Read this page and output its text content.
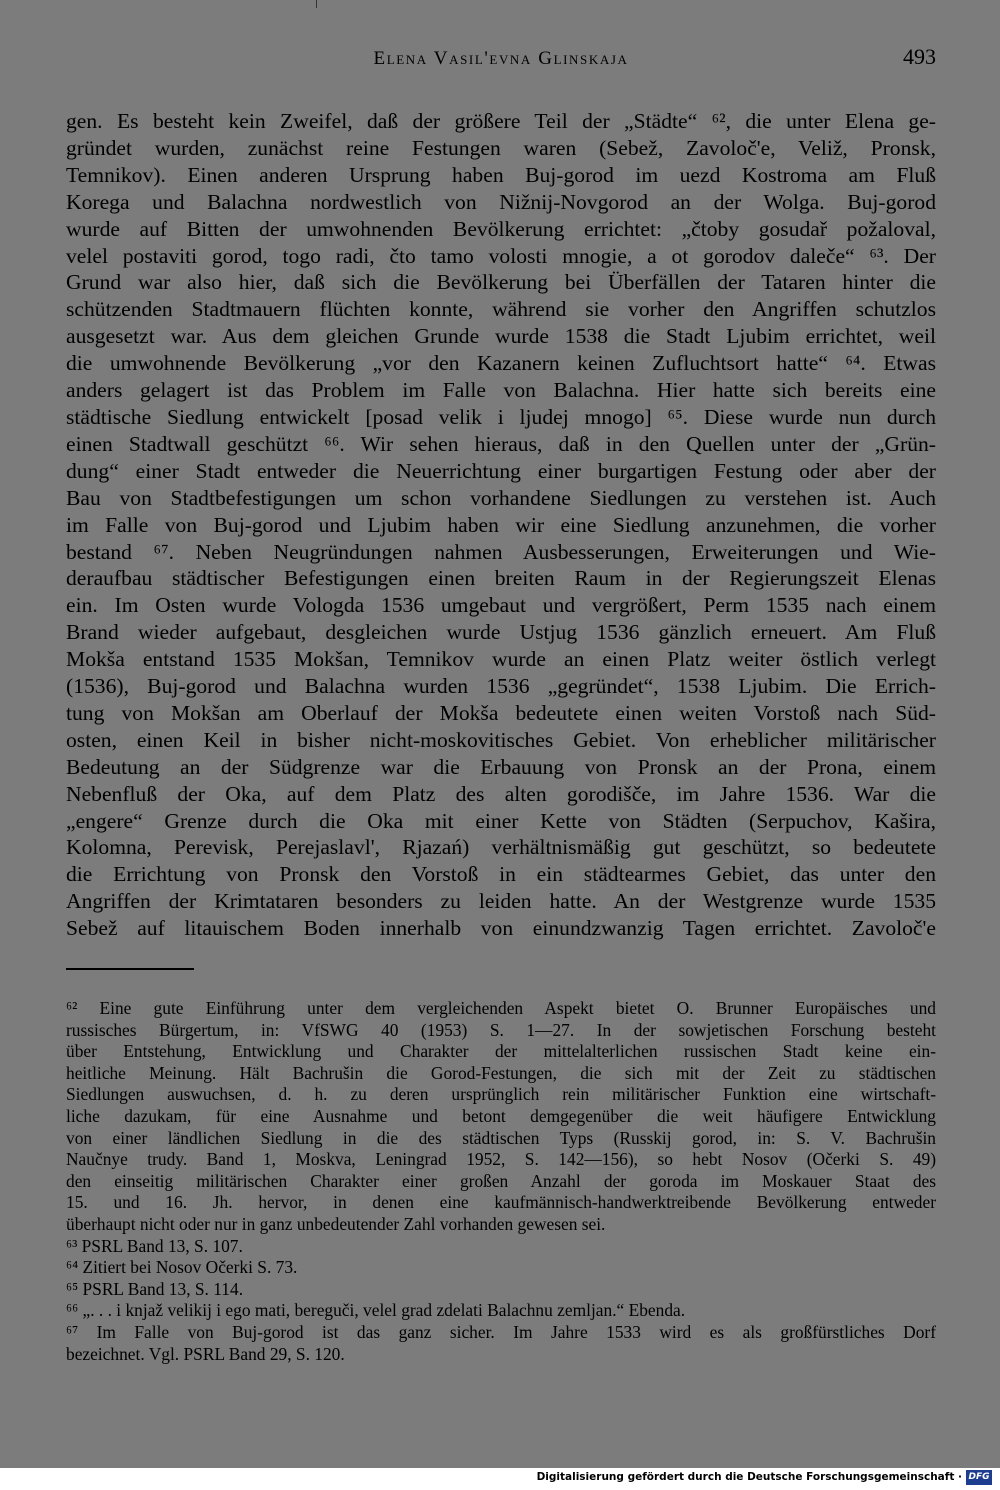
Elena Vasil'evna Glinskaja	493
gen. Es besteht kein Zweifel, daß der größere Teil der „Städte“ ⁶², die unter Elena ge-
gründet wurden, zunächst reine Festungen waren (Sebež, Zavoloč'e, Veliž, Pronsk,
Temnikov). Einen anderen Ursprung haben Buj-gorod im uezd Kostroma am Fluß
Korega und Balachna nordwestlich von Nižnij-Novgorod an der Wolga. Buj-gorod
wurde auf Bitten der umwohnenden Bevölkerung errichtet: „čtoby gosudař požaloval,
velel postaviti gorod, togo radi, čto tamo volosti mnogie, a ot gorodov daleče“ ⁶³. Der
Grund war also hier, daß sich die Bevölkerung bei Überfällen der Tataren hinter die
schützenden Stadtmauern flüchten konnte, während sie vorher den Angriffen schutzlos
ausgesetzt war. Aus dem gleichen Grunde wurde 1538 die Stadt Ljubim errichtet, weil
die umwohnende Bevölkerung „vor den Kazanern keinen Zufluchtsort hatte“ ⁶⁴. Etwas
anders gelagert ist das Problem im Falle von Balachna. Hier hatte sich bereits eine
städtische Siedlung entwickelt [posad velik i ljudej mnogo] ⁶⁵. Diese wurde nun durch
einen Stadtwall geschützt ⁶⁶. Wir sehen hieraus, daß in den Quellen unter der „Grün-
dung“ einer Stadt entweder die Neuerrichtung einer burgartigen Festung oder aber der
Bau von Stadtbefestigungen um schon vorhandene Siedlungen zu verstehen ist. Auch
im Falle von Buj-gorod und Ljubim haben wir eine Siedlung anzunehmen, die vorher
bestand ⁶⁷. Neben Neugründungen nahmen Ausbesserungen, Erweiterungen und Wie-
deraufbau städtischer Befestigungen einen breiten Raum in der Regierungszeit Elenas
ein. Im Osten wurde Vologda 1536 umgebaut und vergrößert, Perm 1535 nach einem
Brand wieder aufgebaut, desgleichen wurde Ustjug 1536 gänzlich erneuert. Am Fluß
Mokša entstand 1535 Mokšan, Temnikov wurde an einen Platz weiter östlich verlegt
(1536), Buj-gorod und Balachna wurden 1536 „gegründet“, 1538 Ljubim. Die Errich-
tung von Mokšan am Oberlauf der Mokša bedeutete einen weiten Vorstoß nach Süd-
osten, einen Keil in bisher nicht-moskovitisches Gebiet. Von erheblicher militärischer
Bedeutung an der Südgrenze war die Erbauung von Pronsk an der Prona, einem
Nebenfluß der Oka, auf dem Platz des alten gorodišče, im Jahre 1536. War die
„engere“ Grenze durch die Oka mit einer Kette von Städten (Serpuchov, Kašira,
Kolomna, Perevisk, Perejaslavl', Rjazań) verhältnismäßig gut geschützt, so bedeutete
die Errichtung von Pronsk den Vorstoß in ein städtearmes Gebiet, das unter den
Angriffen der Krimtataren besonders zu leiden hatte. An der Westgrenze wurde 1535
Sebež auf litauischem Boden innerhalb von einundzwanzig Tagen errichtet. Zavoloč'e
⁶² Eine gute Einführung unter dem vergleichenden Aspekt bietet O. Brunner Europäisches und
russisches Bürgertum, in: VfSWG 40 (1953) S. 1—27. In der sowjetischen Forschung besteht
über Entstehung, Entwicklung und Charakter der mittelalterlichen russischen Stadt keine ein-
heitliche Meinung. Hält Bachrušin die Gorod-Festungen, die sich mit der Zeit zu städtischen
Siedlungen auswuchsen, d. h. zu deren ursprünglich rein militärischer Funktion eine wirtschaft-
liche dazukam, für eine Ausnahme und betont demgegenüber die weit häufigere Entwicklung
von einer ländlichen Siedlung in die des städtischen Typs (Russkij gorod, in: S. V. Bachrušin
Naučnye trudy. Band 1, Moskva, Leningrad 1952, S. 142—156), so hebt Nosov (Očerki S. 49)
den einseitig militärischen Charakter einer großen Anzahl der goroda im Moskauer Staat des
15. und 16. Jh. hervor, in denen eine kaufmännisch-handwerktreibende Bevölkerung entweder
überhaupt nicht oder nur in ganz unbedeutender Zahl vorhanden gewesen sei.
⁶³ PSRL Band 13, S. 107.
⁶⁴ Zitiert bei Nosov Očerki S. 73.
⁶⁵ PSRL Band 13, S. 114.
⁶⁶ „. . . i knjaž velikij i ego mati, bereguči, velel grad zdelati Balachnu zemljan.“ Ebenda.
⁶⁷ Im Falle von Buj-gorod ist das ganz sicher. Im Jahre 1533 wird es als großfürstliches Dorf
bezeichnet. Vgl. PSRL Band 29, S. 120.
Digitalisierung gefördert durch die Deutsche Forschungsgemeinschaft · DFG
